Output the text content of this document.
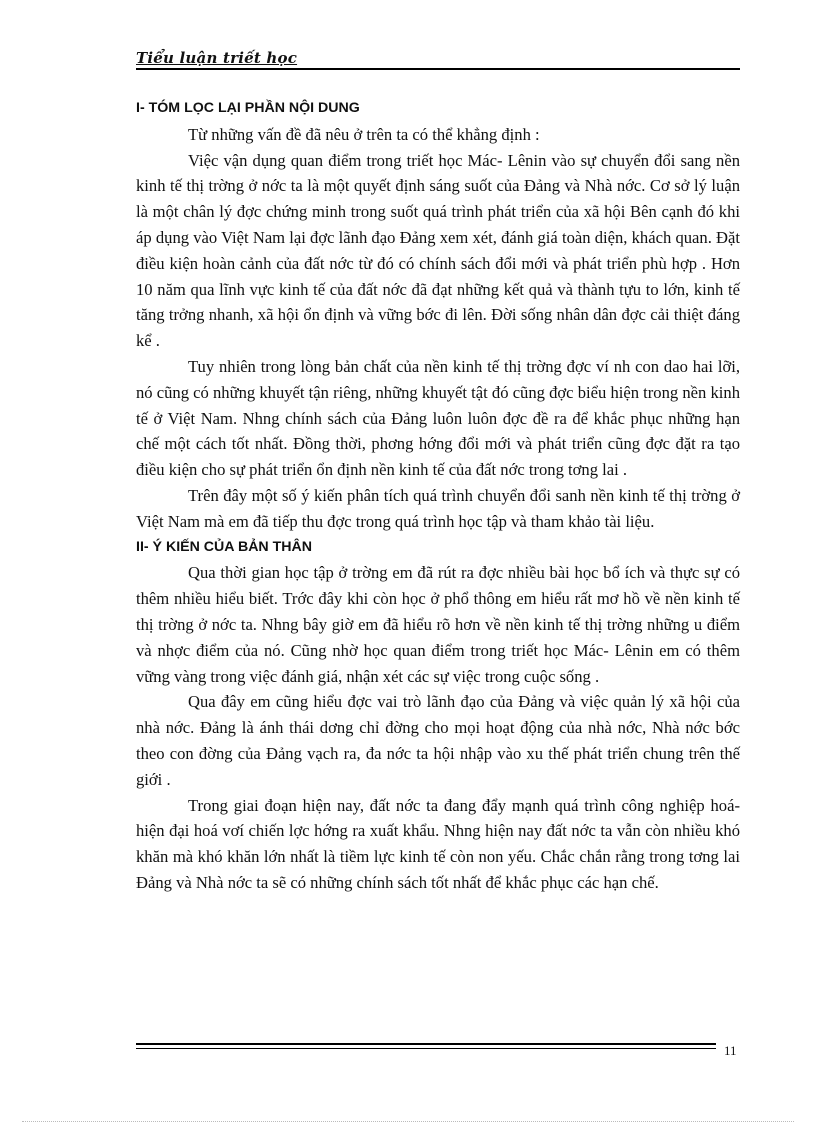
Tiểu luận triết học

I- TÓM LỌC LẠI PHẦN NỘI DUNG

Từ những vấn đề đã nêu ở trên ta có thể khẳng định :

Việc vận dụng quan điểm trong triết học Mác- Lênin vào sự chuyển đổi sang nền kinh tế thị trờng ở nớc ta là một quyết định sáng suốt của Đảng và Nhà nớc. Cơ sở lý luận là một chân lý đợc chứng minh trong suốt quá trình phát triển của xã hội Bên cạnh đó khi áp dụng vào Việt Nam lại đợc lãnh đạo Đảng xem xét, đánh giá toàn diện, khách quan. Đặt điều kiện hoàn cảnh của đất nớc từ đó có chính sách đổi mới và phát triển phù hợp . Hơn 10 năm qua lĩnh vực kinh tế của đất nớc đã đạt những kết quả và thành tựu to lớn, kinh tế tăng trởng nhanh, xã hội ổn định và vững bớc đi lên. Đời sống nhân dân đợc cải thiệt đáng kể .

Tuy nhiên trong lòng bản chất của nền kinh tế thị trờng đợc ví nh con dao hai lỡi, nó cũng có những khuyết tận riêng, những khuyết tật đó cũng đợc biểu hiện trong nền kinh tế ở Việt Nam. Nhng chính sách của Đảng luôn luôn đợc đề ra để khắc phục những hạn chế một cách tốt nhất. Đồng thời, phơng hớng đổi mới và phát triển cũng đợc đặt ra tạo điều kiện cho sự phát triển ổn định nền kinh tế của đất nớc trong tơng lai .

Trên đây một số ý kiến phân tích quá trình chuyển đổi sanh nền kinh tế thị trờng ở Việt Nam mà em đã tiếp thu đợc trong quá trình học tập và tham khảo tài liệu.

II- Ý KIẾN CỦA BẢN THÂN

Qua thời gian học tập ở trờng em đã rút ra đợc nhiều bài học bổ ích và thực sự có thêm nhiều hiểu biết. Trớc đây khi còn học ở phổ thông em hiểu rất mơ hồ về nền kinh tế thị trờng ở nớc ta. Nhng bây giờ em đã hiểu rõ hơn về nền kinh tế thị trờng những u điểm và nhợc điểm của nó. Cũng nhờ học quan điểm trong triết học Mác- Lênin em có thêm vững vàng trong việc đánh giá, nhận xét các sự việc trong cuộc sống .

Qua đây em cũng hiểu đợc vai trò lãnh đạo của Đảng và việc quản lý xã hội của nhà nớc. Đảng là ánh thái dơng chỉ đờng cho mọi hoạt động của nhà nớc, Nhà nớc bớc theo con đờng của Đảng vạch ra, đa nớc ta hội nhập vào xu thế phát triển chung trên thế giới .

Trong giai đoạn hiện nay, đất nớc ta đang đẩy mạnh quá trình công nghiệp hoá- hiện đại hoá vơí chiến lợc hớng ra xuất khẩu. Nhng hiện nay đất nớc ta vẫn còn nhiều khó khăn mà khó khăn lớn nhất là tiềm lực kinh tế còn non yếu. Chắc chắn rằng trong tơng lai Đảng và Nhà nớc ta sẽ có những chính sách tốt nhất để khắc phục các hạn chế.

11
